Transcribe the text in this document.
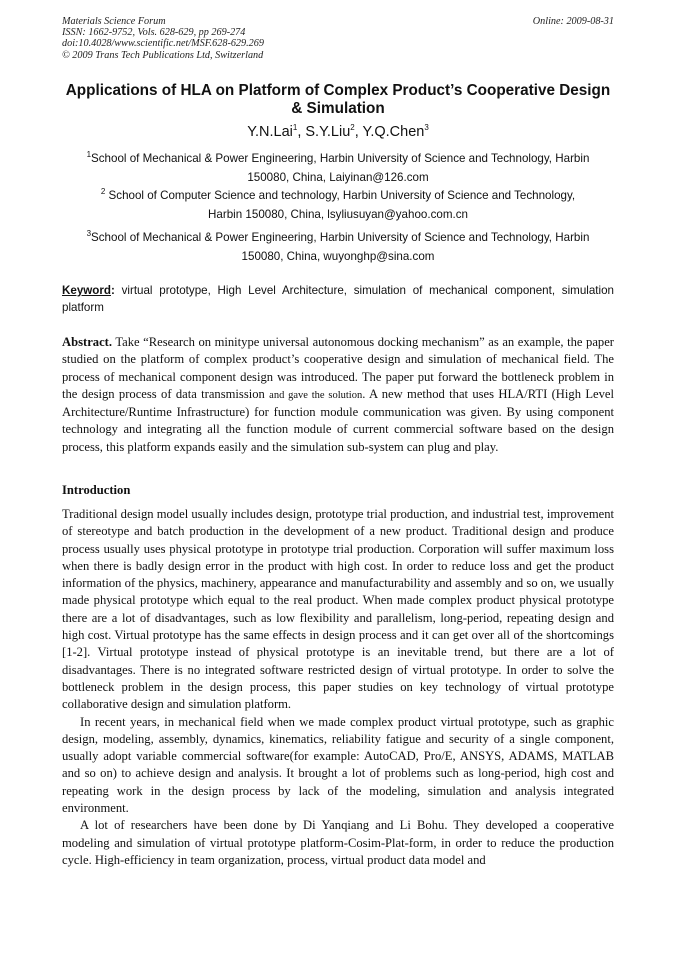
Materials Science Forum
ISSN: 1662-9752, Vols. 628-629, pp 269-274
doi:10.4028/www.scientific.net/MSF.628-629.269
© 2009 Trans Tech Publications Ltd, Switzerland
Online: 2009-08-31
Applications of HLA on Platform of Complex Product’s Cooperative Design & Simulation
Y.N.Lai$^1$, S.Y.Liu$^2$, Y.Q.Chen$^3$
$^1$School of Mechanical & Power Engineering, Harbin University of Science and Technology, Harbin
150080, China, Laiyinan@126.com
$^2$ School of Computer Science and technology, Harbin University of Science and Technology,
Harbin 150080, China, lsyliusuyan@yahoo.com.cn
$^3$School of Mechanical & Power Engineering, Harbin University of Science and Technology, Harbin
150080, China, wuyonghp@sina.com
Keyword: virtual prototype, High Level Architecture, simulation of mechanical component, simulation platform
Abstract. Take “Research on minitype universal autonomous docking mechanism” as an example, the paper studied on the platform of complex product’s cooperative design and simulation of mechanical field. The process of mechanical component design was introduced. The paper put forward the bottleneck problem in the design process of data transmission and gave the solution. A new method that uses HLA/RTI (High Level Architecture/Runtime Infrastructure) for function module communication was given. By using component technology and integrating all the function module of current commercial software based on the design process, this platform expands easily and the simulation sub-system can plug and play.
Introduction

Traditional design model usually includes design, prototype trial production, and industrial test, improvement of stereotype and batch production in the development of a new product. Traditional design and produce process usually uses physical prototype in prototype trial production. Corporation will suffer maximum loss when there is badly design error in the product with high cost. In order to reduce loss and get the product information of the physics, machinery, appearance and manufacturability and assembly and so on, we usually made physical prototype which equal to the real product. When made complex product physical prototype there are a lot of disadvantages, such as low flexibility and parallelism, long-period, repeating design and high cost. Virtual prototype has the same effects in design process and it can get over all of the shortcomings [1-2]. Virtual prototype instead of physical prototype is an inevitable trend, but there are a lot of disadvantages. There is no integrated software restricted design of virtual prototype. In order to solve the bottleneck problem in the design process, this paper studies on key technology of virtual prototype collaborative design and simulation platform.

In recent years, in mechanical field when we made complex product virtual prototype, such as graphic design, modeling, assembly, dynamics, kinematics, reliability fatigue and security of a single component, usually adopt variable commercial software(for example: AutoCAD, Pro/E, ANSYS, ADAMS, MATLAB and so on) to achieve design and analysis. It brought a lot of problems such as long-period, high cost and repeating work in the design process by lack of the modeling, simulation and analysis integrated environment.

A lot of researchers have been done by Di Yanqiang and Li Bohu. They developed a cooperative modeling and simulation of virtual prototype platform-Cosim-Plat-form, in order to reduce the production cycle. High-efficiency in team organization, process, virtual product data model and
